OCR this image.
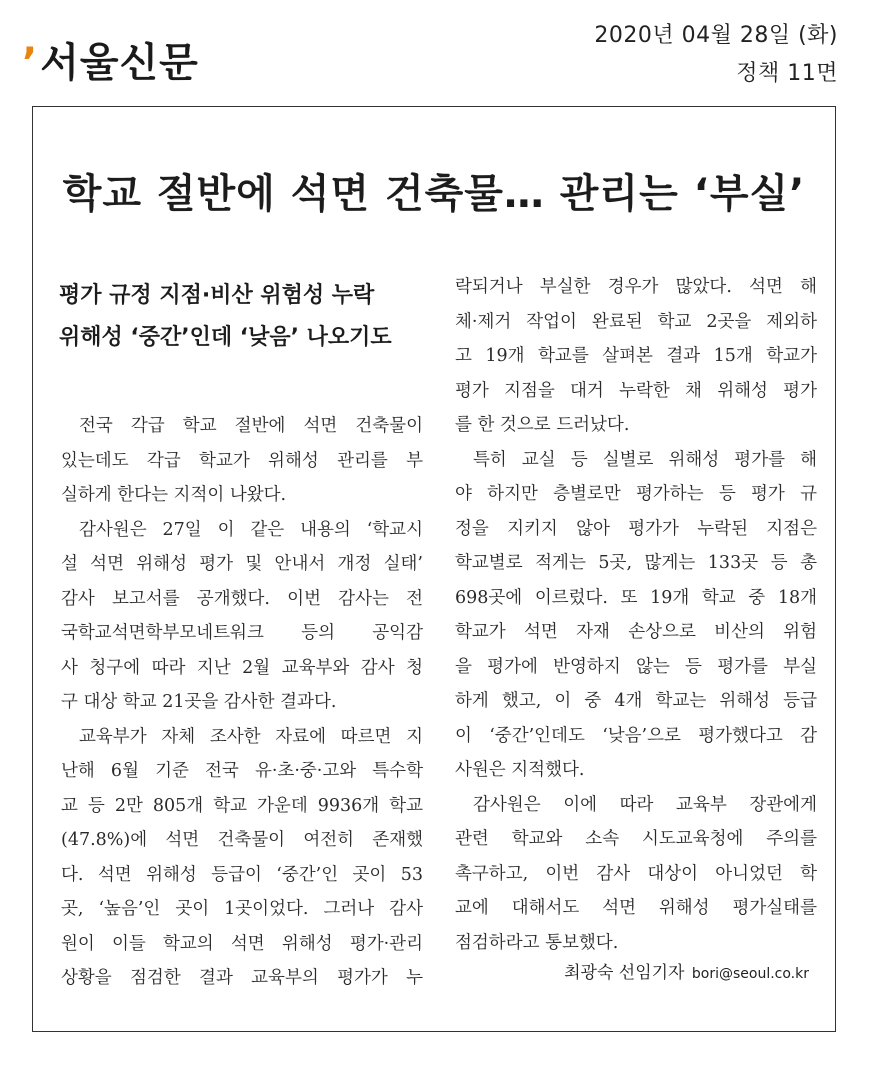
’서울신문
2020년 04월 28일 (화)
정책 11면
학교 절반에 석면 건축물… 관리는 ‘부실’
평가 규정 지점·비산 위험성 누락
위해성 ‘중간’인데 ‘낮음’ 나오기도
전국 각급 학교 절반에 석면 건축물이
있는데도 각급 학교가 위해성 관리를 부
실하게 한다는 지적이 나왔다.
감사원은 27일 이 같은 내용의 ‘학교시
설 석면 위해성 평가 및 안내서 개정 실태’
감사 보고서를 공개했다. 이번 감사는 전
국학교석면학부모네트워크 등의 공익감
사 청구에 따라 지난 2월 교육부와 감사 청
구 대상 학교 21곳을 감사한 결과다.
교육부가 자체 조사한 자료에 따르면 지
난해 6월 기준 전국 유·초·중·고와 특수학
교 등 2만 805개 학교 가운데 9936개 학교
(47.8%)에 석면 건축물이 여전히 존재했
다. 석면 위해성 등급이 ‘중간’인 곳이 53
곳, ‘높음’인 곳이 1곳이었다. 그러나 감사
원이 이들 학교의 석면 위해성 평가·관리
상황을 점검한 결과 교육부의 평가가 누
락되거나 부실한 경우가 많았다. 석면 해
체·제거 작업이 완료된 학교 2곳을 제외하
고 19개 학교를 살펴본 결과 15개 학교가
평가 지점을 대거 누락한 채 위해성 평가
를 한 것으로 드러났다.
특히 교실 등 실별로 위해성 평가를 해
야 하지만 층별로만 평가하는 등 평가 규
정을 지키지 않아 평가가 누락된 지점은
학교별로 적게는 5곳, 많게는 133곳 등 총
698곳에 이르렀다. 또 19개 학교 중 18개
학교가 석면 자재 손상으로 비산의 위험
을 평가에 반영하지 않는 등 평가를 부실
하게 했고, 이 중 4개 학교는 위해성 등급
이 ‘중간’인데도 ‘낮음’으로 평가했다고 감
사원은 지적했다.
감사원은 이에 따라 교육부 장관에게
관련 학교와 소속 시도교육청에 주의를
촉구하고, 이번 감사 대상이 아니었던 학
교에 대해서도 석면 위해성 평가실태를
점검하라고 통보했다.
최광숙 선임기자 bori@seoul.co.kr
